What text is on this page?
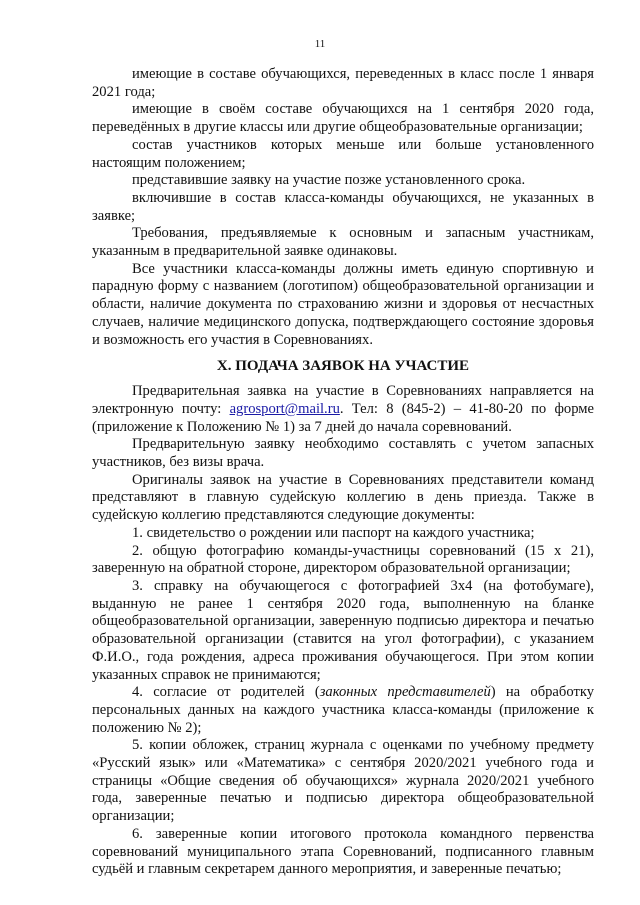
11

имеющие в составе обучающихся, переведенных в класс после 1 января 2021 года;

имеющие в своём составе обучающихся на 1 сентября 2020 года, переведённых в другие классы или другие общеобразовательные организации;

состав участников которых меньше или больше установленного настоящим положением;

представившие заявку на участие позже установленного срока.

включившие в состав класса-команды обучающихся, не указанных в заявке;

Требования, предъявляемые к основным и запасным участникам, указанным в предварительной заявке одинаковы.

Все участники класса-команды должны иметь единую спортивную и парадную форму с названием (логотипом) общеобразовательной организации и области, наличие документа по страхованию жизни и здоровья от несчастных случаев, наличие медицинского допуска, подтверждающего состояние здоровья и возможность его участия в Соревнованиях.

X. ПОДАЧА ЗАЯВОК НА УЧАСТИЕ

Предварительная заявка на участие в Соревнованиях направляется на электронную почту: agrosport@mail.ru. Тел: 8 (845-2) – 41-80-20 по форме (приложение к Положению № 1) за 7 дней до начала соревнований.

Предварительную заявку необходимо составлять с учетом запасных участников, без визы врача.

Оригиналы заявок на участие в Соревнованиях представители команд представляют в главную судейскую коллегию в день приезда. Также в судейскую коллегию представляются следующие документы:

1. свидетельство о рождении или паспорт на каждого участника;

2. общую фотографию команды-участницы соревнований (15 х 21), заверенную на обратной стороне, директором образовательной организации;

3. справку на обучающегося с фотографией 3х4 (на фотобумаге), выданную не ранее 1 сентября 2020 года, выполненную на бланке общеобразовательной организации, заверенную подписью директора и печатью образовательной организации (ставится на угол фотографии), с указанием Ф.И.О., года рождения, адреса проживания обучающегося. При этом копии указанных справок не принимаются;

4. согласие от родителей (законных представителей) на обработку персональных данных на каждого участника класса-команды (приложение к положению № 2);

5. копии обложек, страниц журнала с оценками по учебному предмету «Русский язык» или «Математика» с сентября 2020/2021 учебного года и страницы «Общие сведения об обучающихся» журнала 2020/2021 учебного года, заверенные печатью и подписью директора общеобразовательной организации;

6. заверенные копии итогового протокола командного первенства соревнований муниципального этапа Соревнований, подписанного главным судьёй и главным секретарем данного мероприятия, и заверенные печатью;
